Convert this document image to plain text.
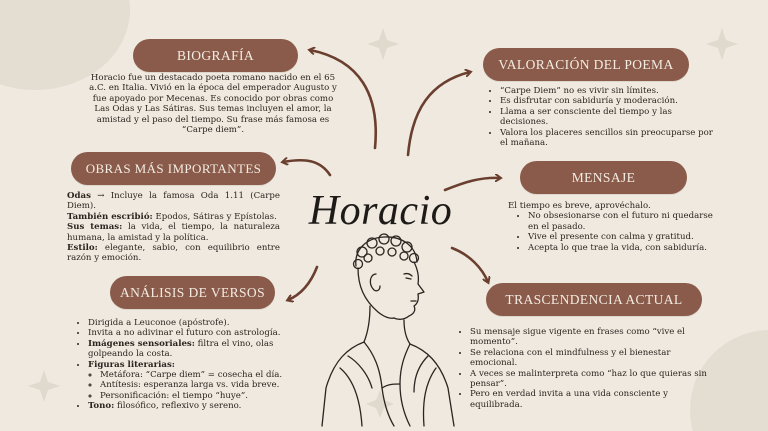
Horacio
BIOGRAFÍA
Horacio fue un destacado poeta romano nacido en el 65
a.C. en Italia. Vivió en la época del emperador Augusto y
fue apoyado por Mecenas. Es conocido por obras como
Las Odas y Las Sátiras. Sus temas incluyen el amor, la
amistad y el paso del tiempo. Su frase más famosa es
“Carpe diem”.
OBRAS MÁS IMPORTANTES
Odas → Incluye la famosa Oda 1.11 (Carpe Diem).
También escribió: Epodos, Sátiras y Epístolas.
Sus temas: la vida, el tiempo, la naturaleza humana, la amistad y la política.
Estilo: elegante, sabio, con equilibrio entre razón y emoción.
ANÁLISIS DE VERSOS
• Dirigida a Leuconoe (apóstrofe).
• Invita a no adivinar el futuro con astrología.
• Imágenes sensoriales: filtra el vino, olas golpeando la costa.
• Figuras literarias:
◦ Metáfora: “Carpe diem” = cosecha el día.
◦ Antítesis: esperanza larga vs. vida breve.
◦ Personificación: el tiempo “huye”.
• Tono: filosófico, reflexivo y sereno.
VALORACIÓN DEL POEMA
• “Carpe Diem” no es vivir sin límites.
• Es disfrutar con sabiduría y moderación.
• Llama a ser consciente del tiempo y las decisiones.
• Valora los placeres sencillos sin preocuparse por el mañana.
MENSAJE
El tiempo es breve, aprovéchalo.
• No obsesionarse con el futuro ni quedarse en el pasado.
• Vive el presente con calma y gratitud.
• Acepta lo que trae la vida, con sabiduría.
TRASCENDENCIA ACTUAL
• Su mensaje sigue vigente en frases como “vive el momento”.
• Se relaciona con el mindfulness y el bienestar emocional.
• A veces se malinterpreta como “haz lo que quieras sin pensar”.
• Pero en verdad invita a una vida consciente y equilibrada.
